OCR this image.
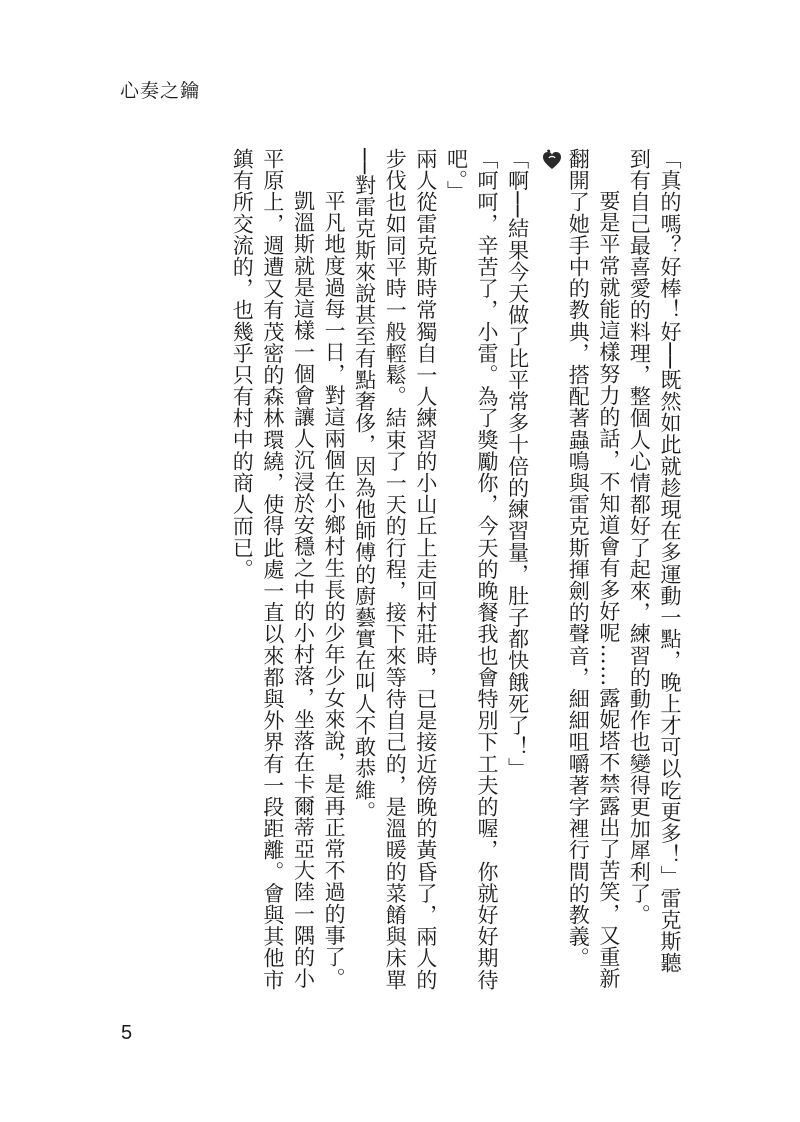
心奏之鑰

「真的嗎？好棒！好──既然如此就趁現在多運動一點，晚上才可以吃更多！」雷克斯聽到有自己最喜愛的料理，整個人心情都好了起來，練習的動作也變得更加犀利了。

要是平常就能這樣努力的話，不知道會有多好呢……露妮塔不禁露出了苦笑，又重新翻開了她手中的教典，搭配著蟲鳴與雷克斯揮劍的聲音，細細咀嚼著字裡行間的教義。

「啊──結果今天做了比平常多十倍的練習量，肚子都快餓死了！」

「呵呵，辛苦了，小雷。為了獎勵你，今天的晚餐我也會特別下工夫的喔，你就好好期待吧。」

兩人從雷克斯時常獨自一人練習的小山丘上走回村莊時，已是接近傍晚的黃昏了，兩人的步伐也如同平時一般輕鬆。結束了一天的行程，接下來等待自己的，是溫暖的菜餚與床單──對雷克斯來說甚至有點奢侈，因為他師傅的廚藝實在叫人不敢恭維。

平凡地度過每一日，對這兩個在小鄉村生長的少年少女來說，是再正常不過的事了。

凱溫斯就是這樣一個會讓人沉浸於安穩之中的小村落，坐落在卡爾蒂亞大陸一隅的小平原上，週遭又有茂密的森林環繞，使得此處一直以來都與外界有一段距離。會與其他市鎮有所交流的，也幾乎只有村中的商人而已。

5
